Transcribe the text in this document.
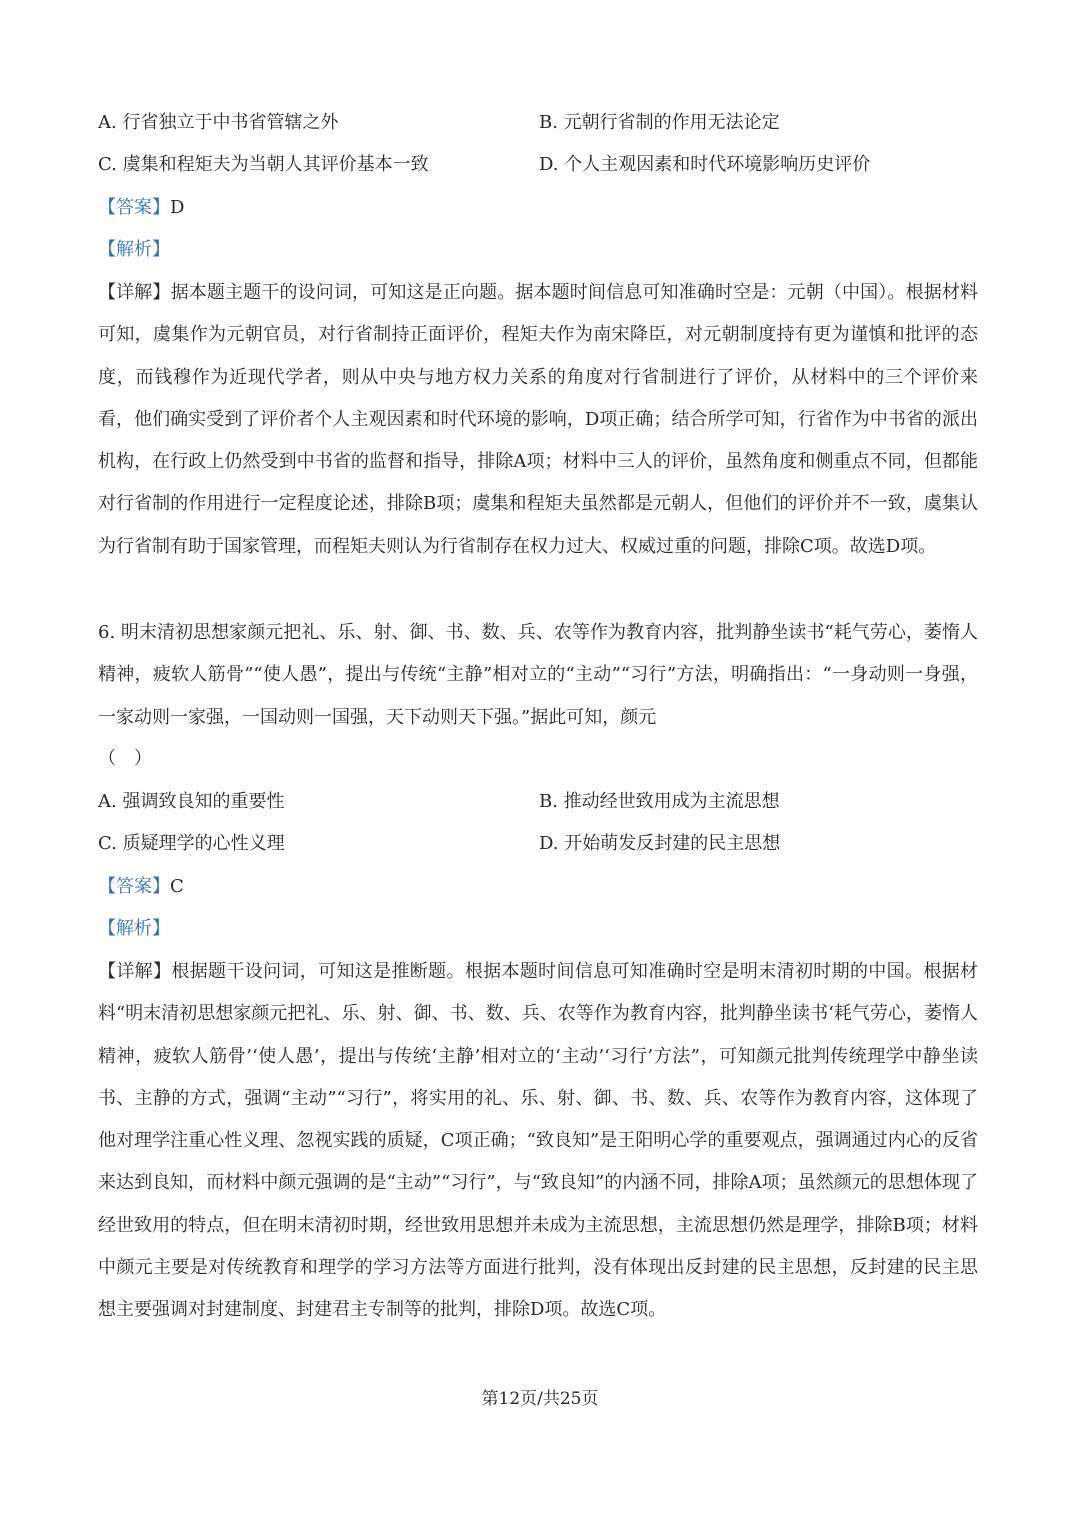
A. 行省独立于中书省管辖之外	B. 元朝行省制的作用无法论定
C. 虞集和程矩夫为当朝人其评价基本一致	D. 个人主观因素和时代环境影响历史评价
【答案】D
【解析】
【详解】据本题主题干的设问词，可知这是正向题。据本题时间信息可知准确时空是：元朝（中国）。根据材料可知，虞集作为元朝官员，对行省制持正面评价，程矩夫作为南宋降臣，对元朝制度持有更为谨慎和批评的态度，而钱穆作为近现代学者，则从中央与地方权力关系的角度对行省制进行了评价，从材料中的三个评价来看，他们确实受到了评价者个人主观因素和时代环境的影响，D项正确；结合所学可知，行省作为中书省的派出机构，在行政上仍然受到中书省的监督和指导，排除A项；材料中三人的评价，虽然角度和侧重点不同，但都能对行省制的作用进行一定程度论述，排除B项；虞集和程矩夫虽然都是元朝人，但他们的评价并不一致，虞集认为行省制有助于国家管理，而程矩夫则认为行省制存在权力过大、权威过重的问题，排除C项。故选D项。
6. 明末清初思想家颜元把礼、乐、射、御、书、数、兵、农等作为教育内容，批判静坐读书“耗气劳心，萎惰人精神，疲软人筋骨”“使人愚”，提出与传统“主静”相对立的“主动”“习行”方法，明确指出：“一身动则一身强，一家动则一家强，一国动则一国强，天下动则天下强。”据此可知，颜元
（　）
A. 强调致良知的重要性	B. 推动经世致用成为主流思想
C. 质疑理学的心性义理	D. 开始萌发反封建的民主思想
【答案】C
【解析】
【详解】根据题干设问词，可知这是推断题。根据本题时间信息可知准确时空是明末清初时期的中国。根据材料“明末清初思想家颜元把礼、乐、射、御、书、数、兵、农等作为教育内容，批判静坐读书‘耗气劳心，萎惰人精神，疲软人筋骨’‘使人愚’，提出与传统‘主静’相对立的‘主动’‘习行’方法”，可知颜元批判传统理学中静坐读书、主静的方式，强调“主动”“习行”，将实用的礼、乐、射、御、书、数、兵、农等作为教育内容，这体现了他对理学注重心性义理、忽视实践的质疑，C项正确；“致良知”是王阳明心学的重要观点，强调通过内心的反省来达到良知，而材料中颜元强调的是“主动”“习行”，与“致良知”的内涵不同，排除A项；虽然颜元的思想体现了经世致用的特点，但在明末清初时期，经世致用思想并未成为主流思想，主流思想仍然是理学，排除B项；材料中颜元主要是对传统教育和理学的学习方法等方面进行批判，没有体现出反封建的民主思想，反封建的民主思想主要强调对封建制度、封建君主专制等的批判，排除D项。故选C项。
第12页/共25页
